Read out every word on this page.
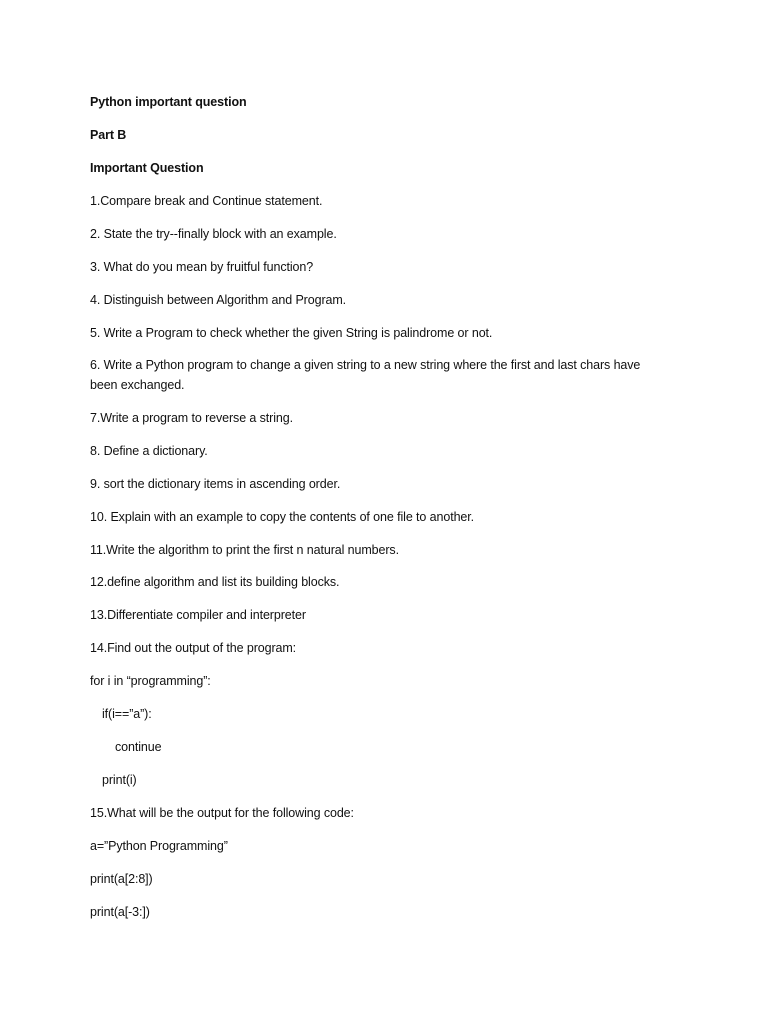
Python important question
Part B
Important Question
1.Compare break and Continue statement.
2. State the try--finally block with an example.
3. What do you mean by fruitful function?
4. Distinguish between Algorithm and Program.
5. Write a Program to check whether the given String is palindrome or not.
6. Write a Python program to change a given string to a new string where the first and last chars have been exchanged.
7.Write a program to reverse a string.
8. Define a dictionary.
9. sort the dictionary items in ascending order.
10. Explain with an example to copy the contents of one file to another.
11.Write the algorithm to print the first n natural numbers.
12.define algorithm and list its building blocks.
13.Differentiate compiler and interpreter
14.Find out the output of the program:
for i in “programming”:
if(i==”a”):
continue
print(i)
15.What will be the output for the following code:
a=”Python Programming”
print(a[2:8])
print(a[-3:])
